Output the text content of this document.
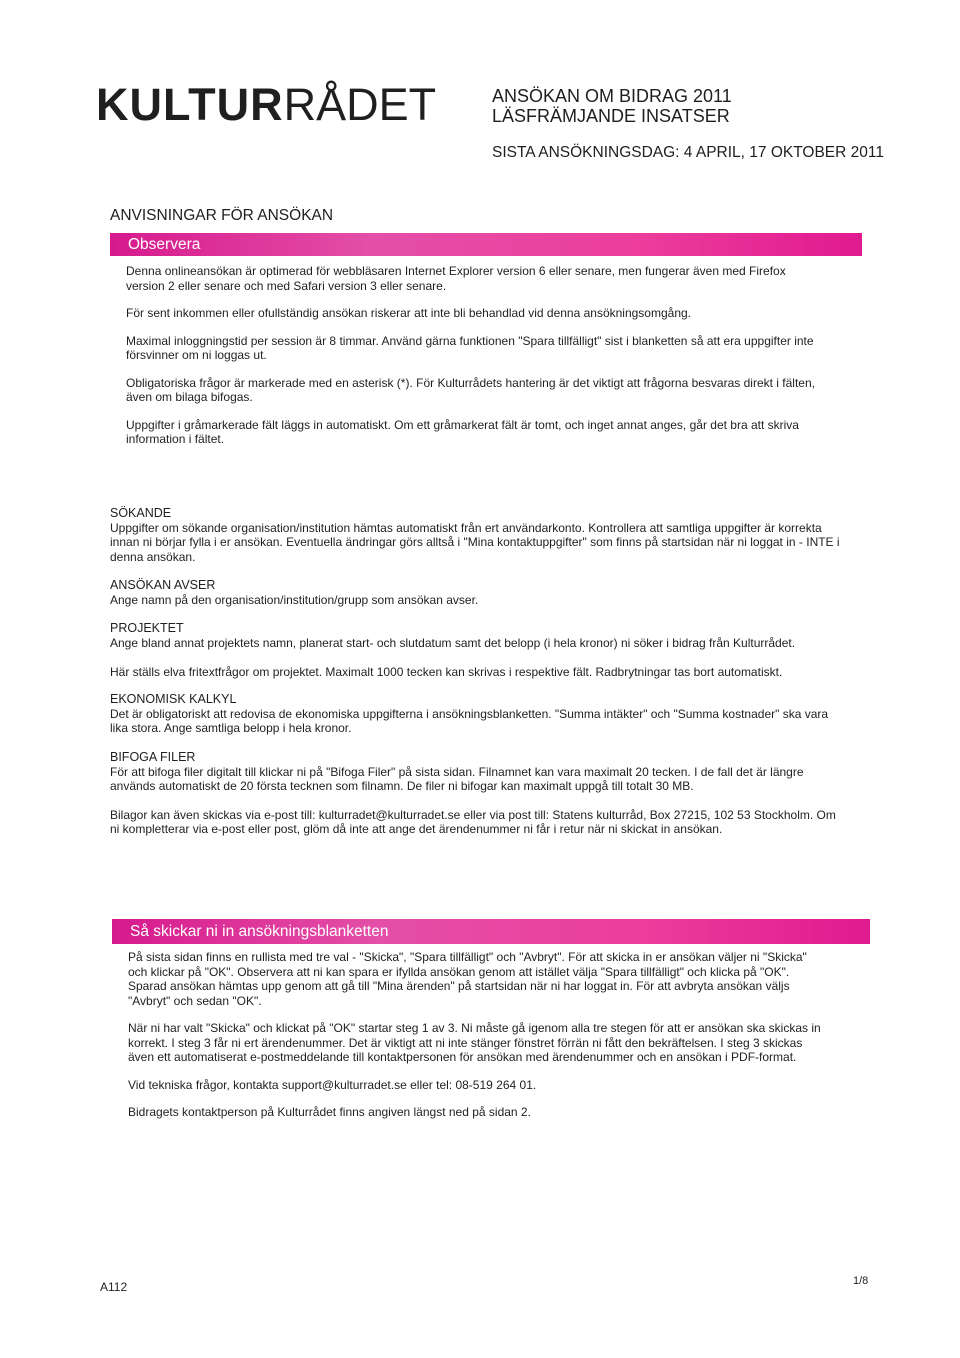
KULTURRÅDET	ANSÖKAN OM BIDRAG 2011
LÄSFRÄMJANDE INSATSER
SISTA ANSÖKNINGSDAG: 4 APRIL, 17 OKTOBER 2011
ANVISNINGAR FÖR ANSÖKAN
Observera

Denna onlineansökan är optimerad för webbläsaren Internet Explorer version 6 eller senare, men fungerar även med Firefox version 2 eller senare och med Safari version 3 eller senare.

För sent inkommen eller ofullständig ansökan riskerar att inte bli behandlad vid denna ansökningsomgång.

Maximal inloggningstid per session är 8 timmar. Använd gärna funktionen "Spara tillfälligt" sist i blanketten så att era uppgifter inte försvinner om ni loggas ut.

Obligatoriska frågor är markerade med en asterisk (*). För Kulturrådets hantering är det viktigt att frågorna besvaras direkt i fälten, även om bilaga bifogas.

Uppgifter i gråmarkerade fält läggs in automatiskt. Om ett gråmarkerat fält är tomt, och inget annat anges, går det bra att skriva information i fältet.

SÖKANDE

Uppgifter om sökande organisation/institution hämtas automatiskt från ert användarkonto. Kontrollera att samtliga uppgifter är korrekta innan ni börjar fylla i er ansökan. Eventuella ändringar görs alltså i "Mina kontaktuppgifter" som finns på startsidan när ni loggat in - INTE i denna ansökan.

ANSÖKAN AVSER

Ange namn på den organisation/institution/grupp som ansökan avser.

PROJEKTET

Ange bland annat projektets namn, planerat start- och slutdatum samt det belopp (i hela kronor) ni söker i bidrag från Kulturrådet.

Här ställs elva fritextfrågor om projektet. Maximalt 1000 tecken kan skrivas i respektive fält. Radbrytningar tas bort automatiskt.

EKONOMISK KALKYL

Det är obligatoriskt att redovisa de ekonomiska uppgifterna i ansökningsblanketten. "Summa intäkter" och "Summa kostnader" ska vara lika stora. Ange samtliga belopp i hela kronor.

BIFOGA FILER

För att bifoga filer digitalt till klickar ni på "Bifoga Filer" på sista sidan. Filnamnet kan vara maximalt 20 tecken. I de fall det är längre används automatiskt de 20 första tecknen som filnamn. De filer ni bifogar kan maximalt uppgå till totalt 30 MB.

Bilagor kan även skickas via e-post till: kulturradet@kulturradet.se eller via post till: Statens kulturråd, Box 27215, 102 53 Stockholm. Om ni kompletterar via e-post eller post, glöm då inte att ange det ärendenummer ni får i retur när ni skickat in ansökan.

Så skickar ni in ansökningsblanketten

På sista sidan finns en rullista med tre val - "Skicka", "Spara tillfälligt" och "Avbryt". För att skicka in er ansökan väljer ni "Skicka" och klickar på "OK". Observera att ni kan spara er ifyllda ansökan genom att istället välja "Spara tillfälligt" och klicka på "OK". Sparad ansökan hämtas upp genom att gå till "Mina ärenden" på startsidan när ni har loggat in. För att avbryta ansökan väljs "Avbryt" och sedan "OK".

När ni har valt "Skicka" och klickat på "OK" startar steg 1 av 3. Ni måste gå igenom alla tre stegen för att er ansökan ska skickas in korrekt. I steg 3 får ni ert ärendenummer. Det är viktigt att ni inte stänger fönstret förrän ni fått den bekräftelsen. I steg 3 skickas även ett automatiserat e-postmeddelande till kontaktpersonen för ansökan med ärendenummer och en ansökan i PDF-format.

Vid tekniska frågor, kontakta support@kulturradet.se eller tel: 08-519 264 01.

Bidragets kontaktperson på Kulturrådet finns angiven längst ned på sidan 2.

A112	1/8
